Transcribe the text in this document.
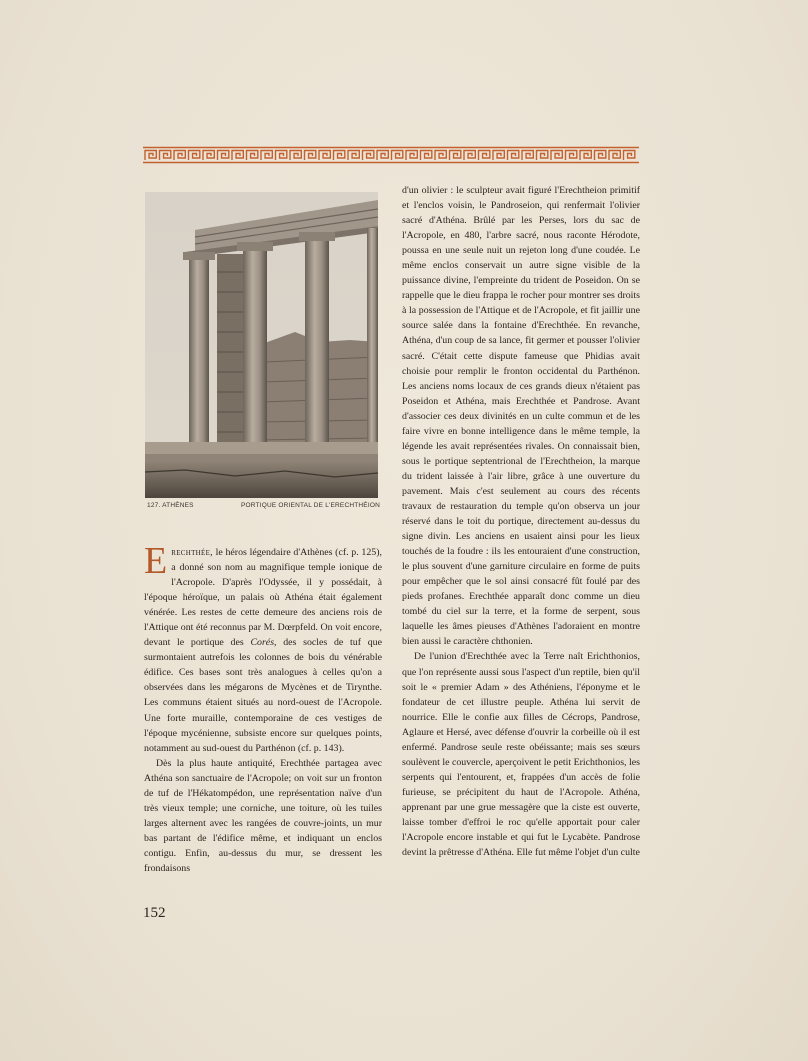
127. ATHÈNES	PORTIQUE ORIENTAL DE L'ERECHTHÉION

Erechthée, le héros légendaire d'Athènes (cf. p. 125), a donné son nom au magnifique temple ionique de l'Acropole. D'après l'Odyssée, il y possédait, à l'époque héroïque, un palais où Athéna était également vénérée. Les restes de cette demeure des anciens rois de l'Attique ont été reconnus par M. Dœrpfeld. On voit encore, devant le portique des Corés, des socles de tuf que surmontaient autrefois les colonnes de bois du vénérable édifice. Ces bases sont très analogues à celles qu'on a observées dans les mégarons de Mycènes et de Tirynthe. Les communs étaient situés au nord-ouest de l'Acropole. Une forte muraille, contemporaine de ces vestiges de l'époque mycénienne, subsiste encore sur quelques points, notamment au sud-ouest du Parthénon (cf. p. 143).

Dès la plus haute antiquité, Erechthée partagea avec Athéna son sanctuaire de l'Acropole; on voit sur un fronton de tuf de l'Hékatompédon, une représentation naïve d'un très vieux temple; une corniche, une toiture, où les tuiles larges alternent avec les rangées de couvre-joints, un mur bas partant de l'édifice même, et indiquant un enclos contigu. Enfin, au-dessus du mur, se dressent les frondaisons

d'un olivier : le sculpteur avait figuré l'Erechtheion primitif et l'enclos voisin, le Pandroseion, qui renfermait l'olivier sacré d'Athéna. Brûlé par les Perses, lors du sac de l'Acropole, en 480, l'arbre sacré, nous raconte Hérodote, poussa en une seule nuit un rejeton long d'une coudée. Le même enclos conservait un autre signe visible de la puissance divine, l'empreinte du trident de Poseidon. On se rappelle que le dieu frappa le rocher pour montrer ses droits à la possession de l'Attique et de l'Acropole, et fit jaillir une source salée dans la fontaine d'Erechthée. En revanche, Athéna, d'un coup de sa lance, fit germer et pousser l'olivier sacré. C'était cette dispute fameuse que Phidias avait choisie pour remplir le fronton occidental du Parthénon. Les anciens noms locaux de ces grands dieux n'étaient pas Poseidon et Athéna, mais Erechthée et Pandrose. Avant d'associer ces deux divinités en un culte commun et de les faire vivre en bonne intelligence dans le même temple, la légende les avait représentées rivales. On connaissait bien, sous le portique septentrional de l'Erechtheion, la marque du trident laissée à l'air libre, grâce à une ouverture du pavement. Mais c'est seulement au cours des récents travaux de restauration du temple qu'on observa un jour réservé dans le toit du portique, directement au-dessus du signe divin. Les anciens en usaient ainsi pour les lieux touchés de la foudre : ils les entouraient d'une construction, le plus souvent d'une garniture circulaire en forme de puits pour empêcher que le sol ainsi consacré fût foulé par des pieds profanes. Erechthée apparaît donc comme un dieu tombé du ciel sur la terre, et la forme de serpent, sous laquelle les âmes pieuses d'Athènes l'adoraient en montre bien aussi le caractère chthonien.

De l'union d'Erechthée avec la Terre naît Erichthonios, que l'on représente aussi sous l'aspect d'un reptile, bien qu'il soit le « premier Adam » des Athéniens, l'éponyme et le fondateur de cet illustre peuple. Athéna lui servit de nourrice. Elle le confie aux filles de Cécrops, Pandrose, Aglaure et Hersé, avec défense d'ouvrir la corbeille où il est enfermé. Pandrose seule reste obéissante; mais ses sœurs soulèvent le couvercle, aperçoivent le petit Erichthonios, les serpents qui l'entourent, et, frappées d'un accès de folie furieuse, se précipitent du haut de l'Acropole. Athéna, apprenant par une grue messagère que la ciste est ouverte, laisse tomber d'effroi le roc qu'elle apportait pour caler l'Acropole encore instable et qui fut le Lycabète. Pandrose devint la prêtresse d'Athéna. Elle fut même l'objet d'un culte

152
